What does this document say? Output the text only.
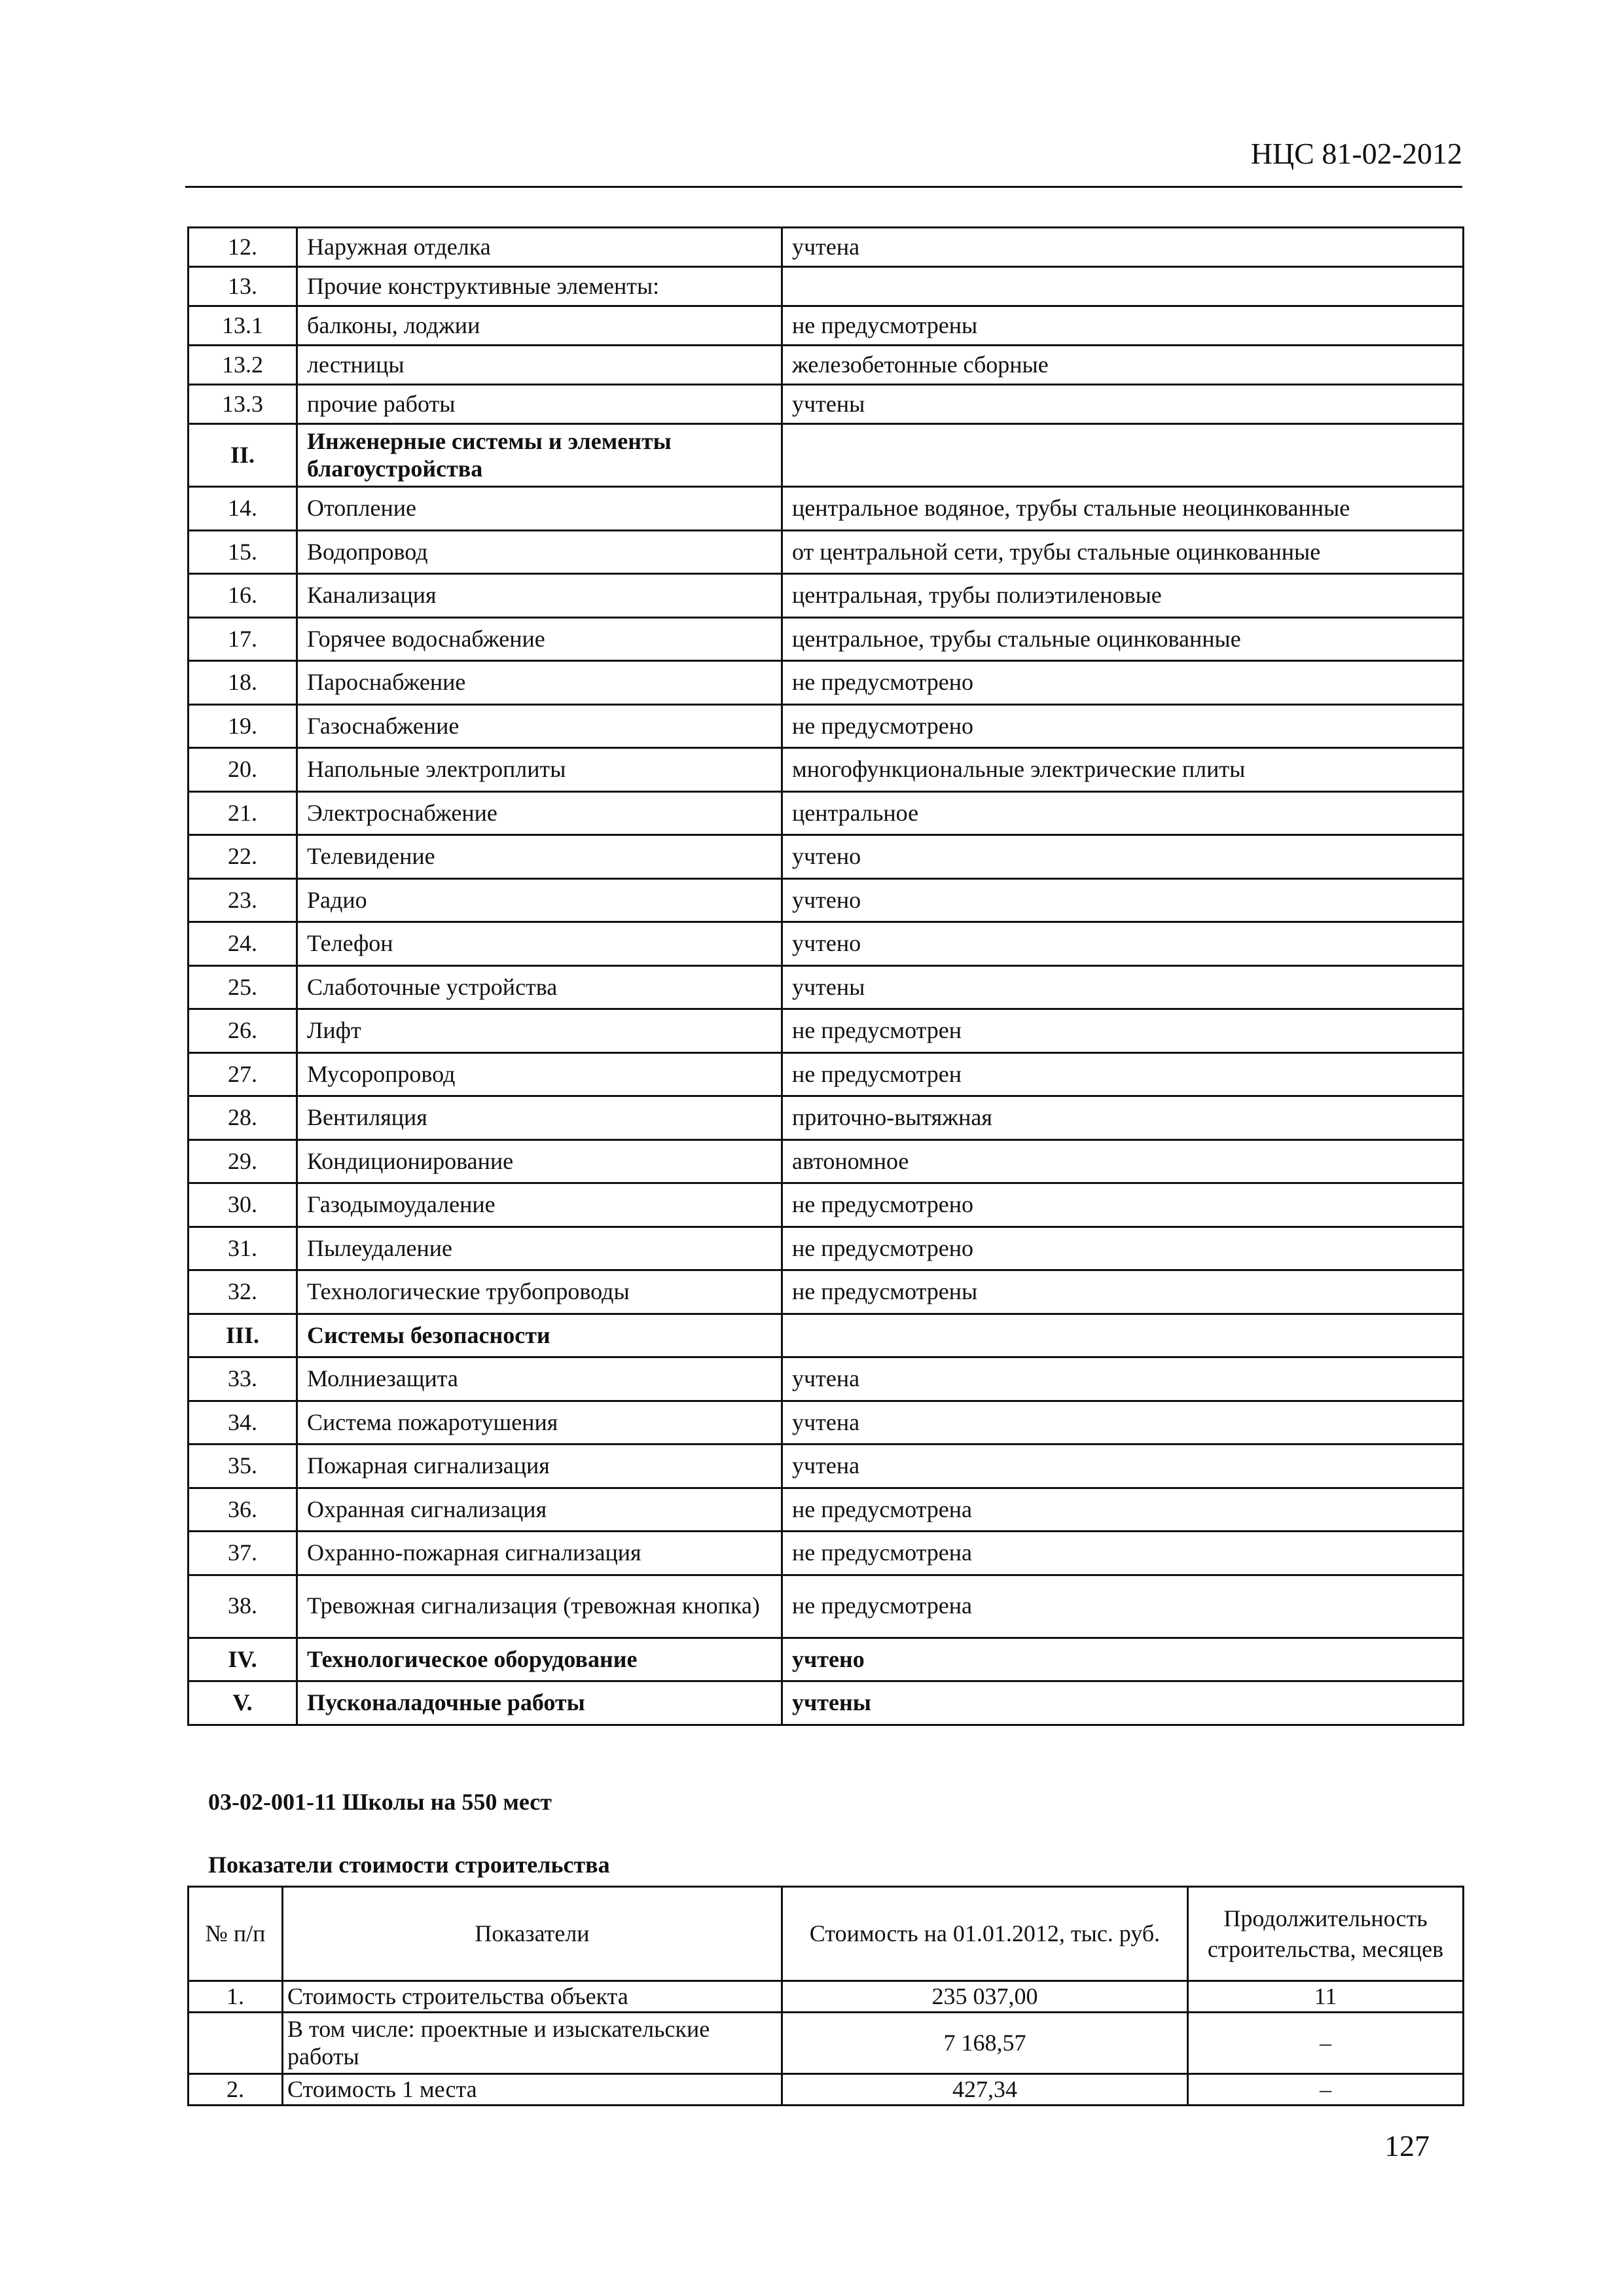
НЦС 81-02-2012
12.	Наружная отделка	учтена
13.	Прочие конструктивные элементы:	
13.1	балконы, лоджии	не предусмотрены
13.2	лестницы	железобетонные сборные
13.3	прочие работы	учтены
II.	Инженерные системы и элементы благоустройства	
14.	Отопление	центральное водяное, трубы стальные неоцинкованные
15.	Водопровод	от центральной сети, трубы стальные оцинкованные
16.	Канализация	центральная, трубы полиэтиленовые
17.	Горячее водоснабжение	центральное, трубы стальные оцинкованные
18.	Пароснабжение	не предусмотрено
19.	Газоснабжение	не предусмотрено
20.	Напольные электроплиты	многофункциональные электрические плиты
21.	Электроснабжение	центральное
22.	Телевидение	учтено
23.	Радио	учтено
24.	Телефон	учтено
25.	Слаботочные устройства	учтены
26.	Лифт	не предусмотрен
27.	Мусоропровод	не предусмотрен
28.	Вентиляция	приточно-вытяжная
29.	Кондиционирование	автономное
30.	Газодымоудаление	не предусмотрено
31.	Пылеудаление	не предусмотрено
32.	Технологические трубопроводы	не предусмотрены
III.	Системы безопасности	
33.	Молниезащита	учтена
34.	Система пожаротушения	учтена
35.	Пожарная сигнализация	учтена
36.	Охранная сигнализация	не предусмотрена
37.	Охранно-пожарная сигнализация	не предусмотрена
38.	Тревожная сигнализация (тревожная кнопка)	не предусмотрена
IV.	Технологическое оборудование	учтено
V.	Пусконаладочные работы	учтены
03-02-001-11 Школы на 550 мест
Показатели стоимости строительства
№ п/п	Показатели	Стоимость на 01.01.2012, тыс. руб.	Продолжительность строительства, месяцев
1.	Стоимость строительства объекта	235 037,00	11
	В том числе: проектные и изыскательские работы	7 168,57	–
2.	Стоимость 1 места	427,34	–
127
